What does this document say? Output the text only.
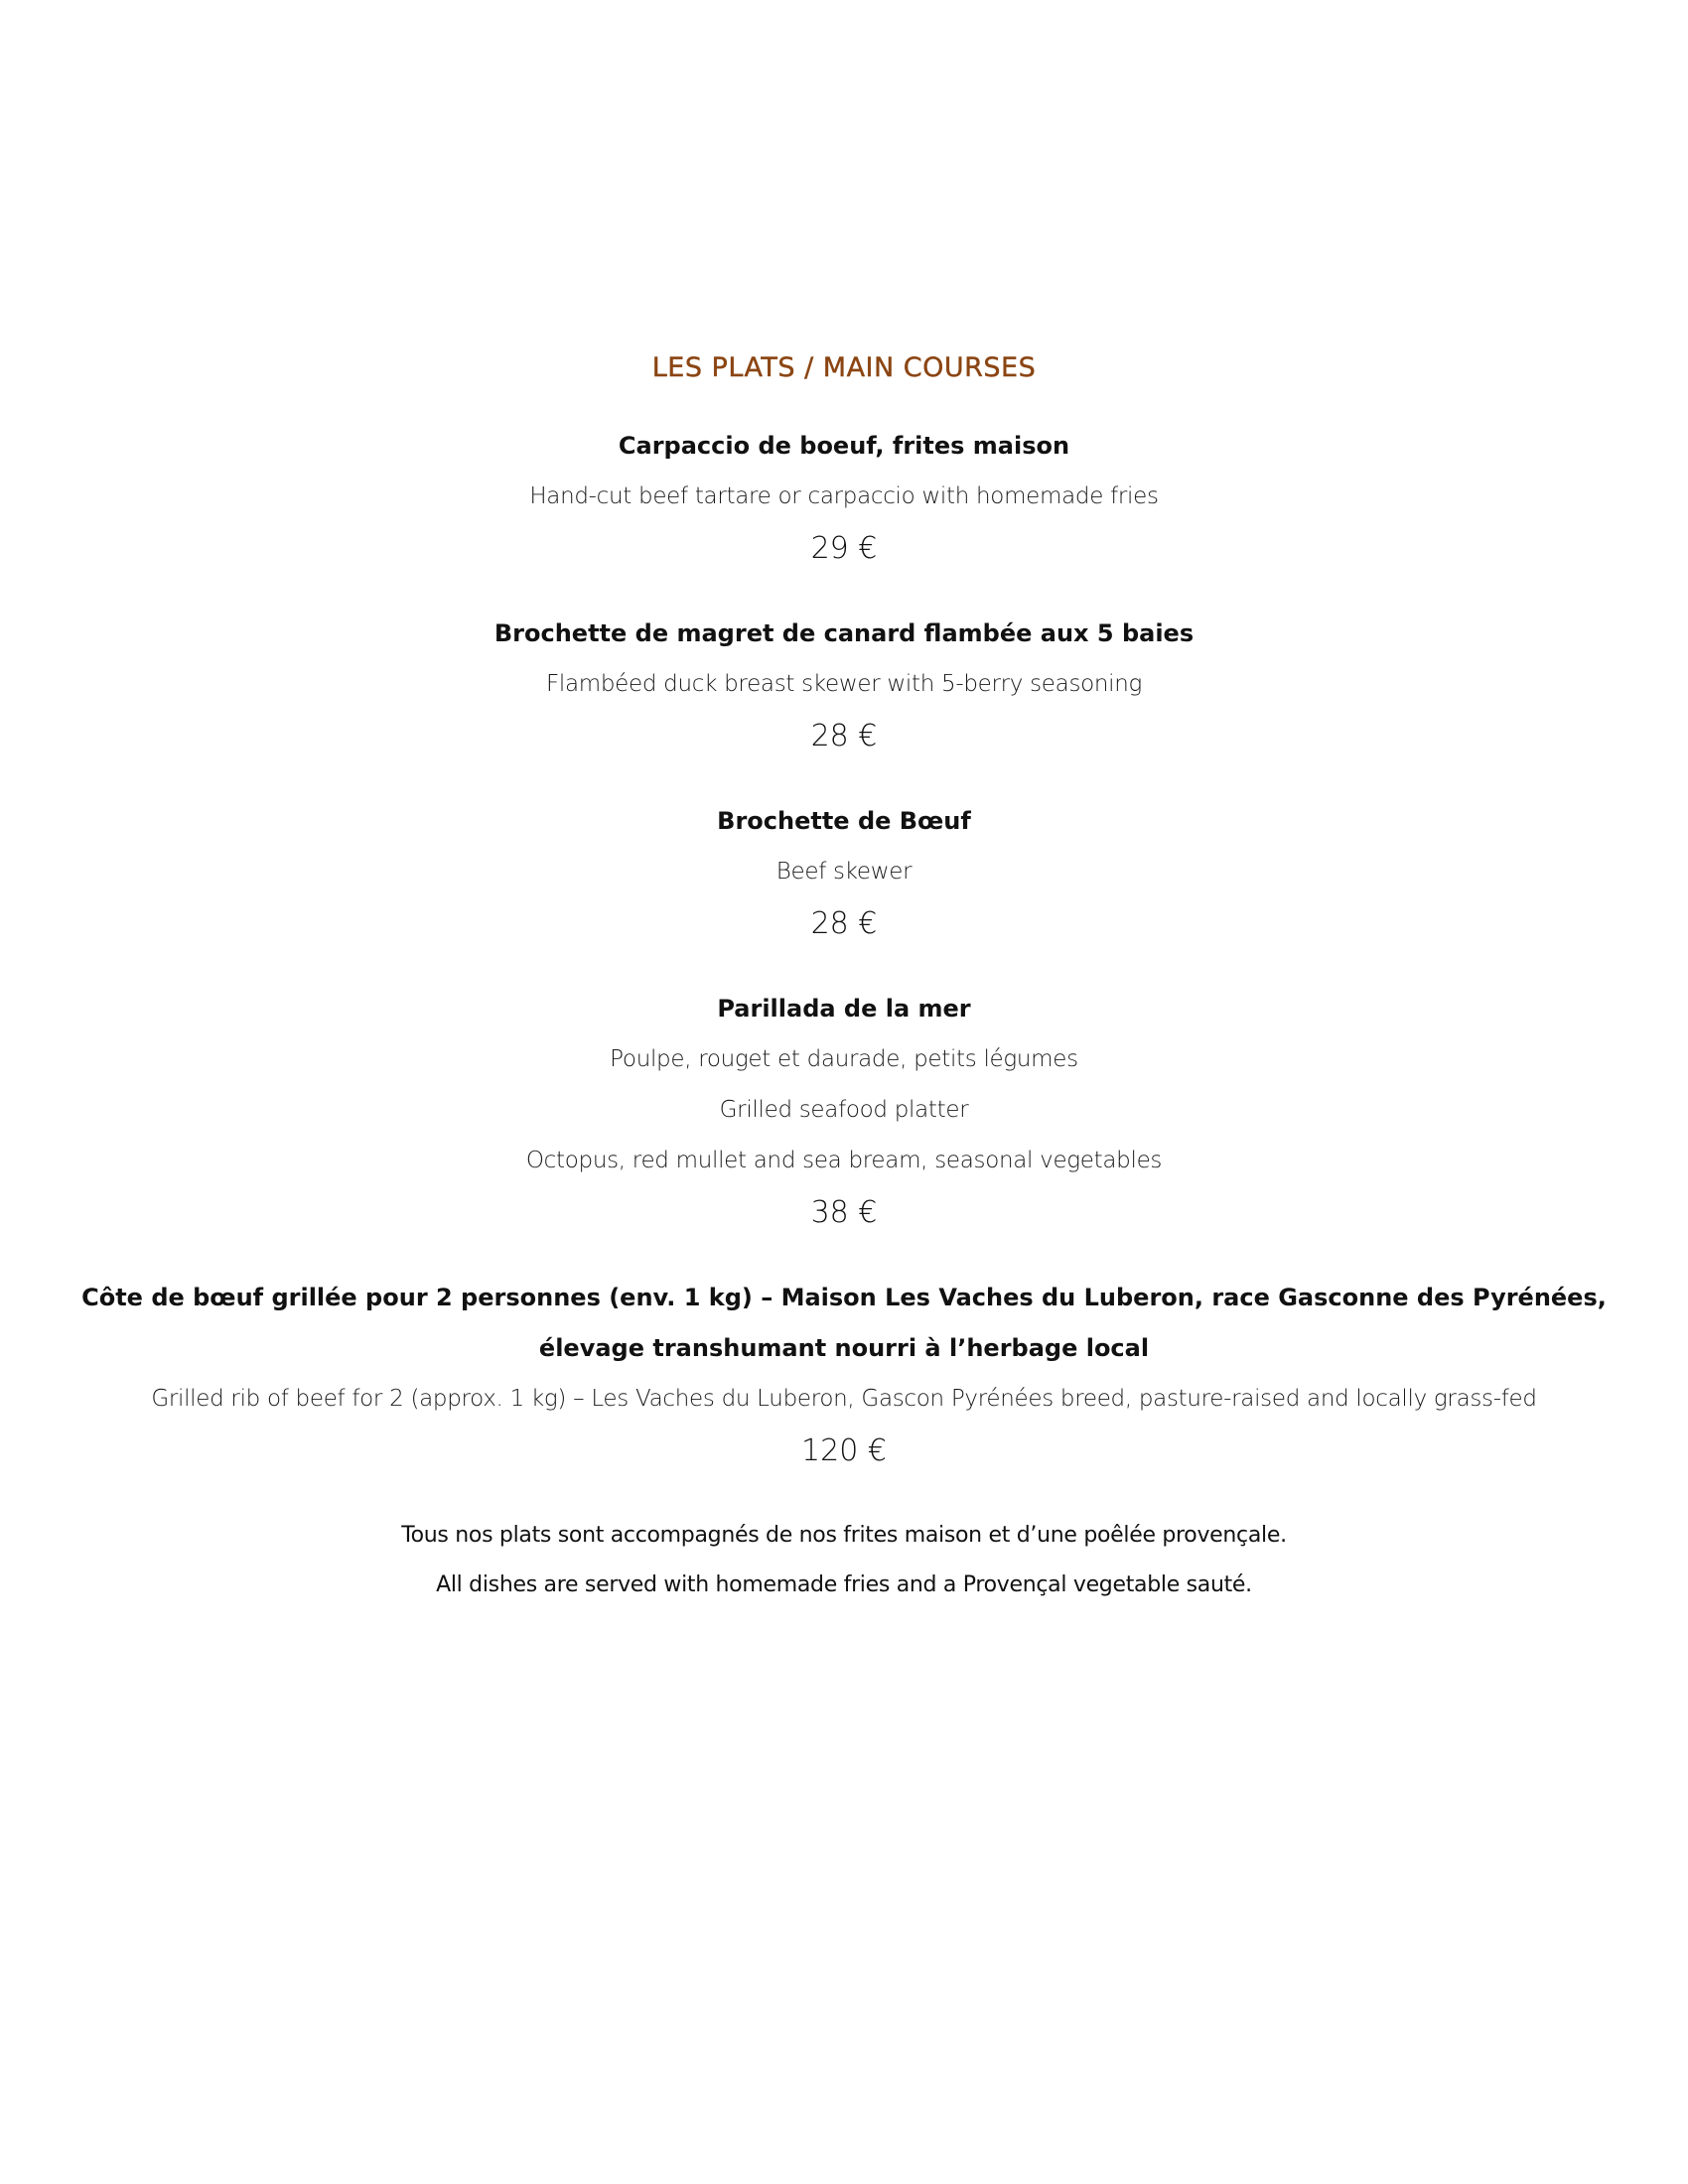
LES PLATS / MAIN COURSES

Carpaccio de boeuf, frites maison

Hand-cut beef tartare or carpaccio with homemade fries

29 €

Brochette de magret de canard flambée aux 5 baies

Flambéed duck breast skewer with 5-berry seasoning

28 €

Brochette de Bœuf

Beef skewer

28 €

Parillada de la mer

Poulpe, rouget et daurade, petits légumes

Grilled seafood platter

Octopus, red mullet and sea bream, seasonal vegetables

38 €

Côte de bœuf grillée pour 2 personnes (env. 1 kg) – Maison Les Vaches du Luberon, race Gasconne des Pyrénées,

élevage transhumant nourri à l’herbage local

Grilled rib of beef for 2 (approx. 1 kg) – Les Vaches du Luberon, Gascon Pyrénées breed, pasture-raised and locally grass-fed

120 €

Tous nos plats sont accompagnés de nos frites maison et d’une poêlée provençale.

All dishes are served with homemade fries and a Provençal vegetable sauté.
